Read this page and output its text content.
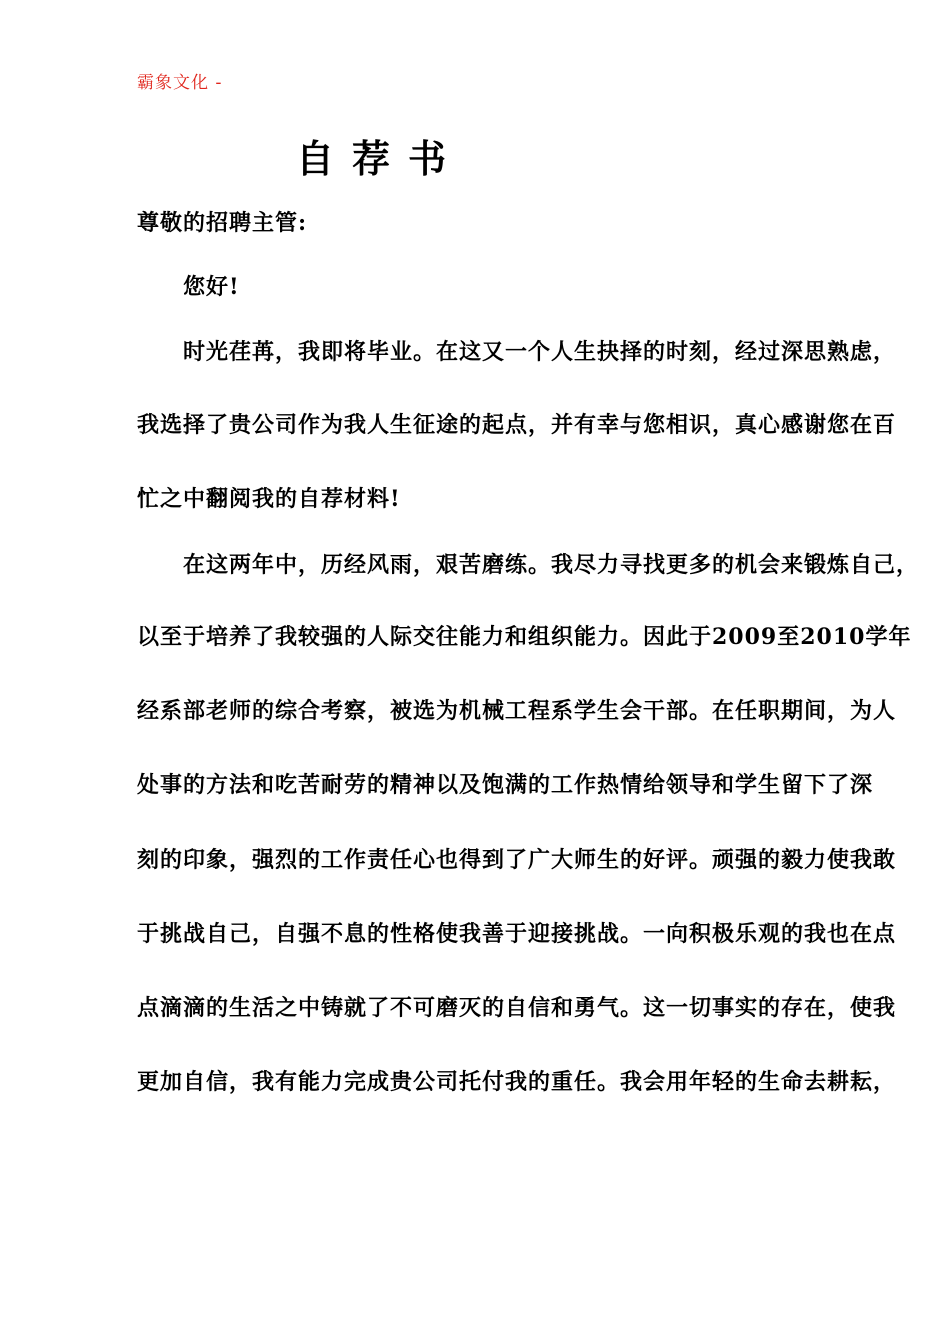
霸象文化 -
自荐书
尊敬的招聘主管:
您好!
时光荏苒，我即将毕业。在这又一个人生抉择的时刻，经过深思熟虑，
我选择了贵公司作为我人生征途的起点，并有幸与您相识，真心感谢您在百
忙之中翻阅我的自荐材料!
在这两年中，历经风雨，艰苦磨练。我尽力寻找更多的机会来锻炼自己，
以至于培养了我较强的人际交往能力和组织能力。因此于2009至2010学年
经系部老师的综合考察，被选为机械工程系学生会干部。在任职期间，为人
处事的方法和吃苦耐劳的精神以及饱满的工作热情给领导和学生留下了深
刻的印象，强烈的工作责任心也得到了广大师生的好评。顽强的毅力使我敢
于挑战自己，自强不息的性格使我善于迎接挑战。一向积极乐观的我也在点
点滴滴的生活之中铸就了不可磨灭的自信和勇气。这一切事实的存在，使我
更加自信，我有能力完成贵公司托付我的重任。我会用年轻的生命去耕耘，
